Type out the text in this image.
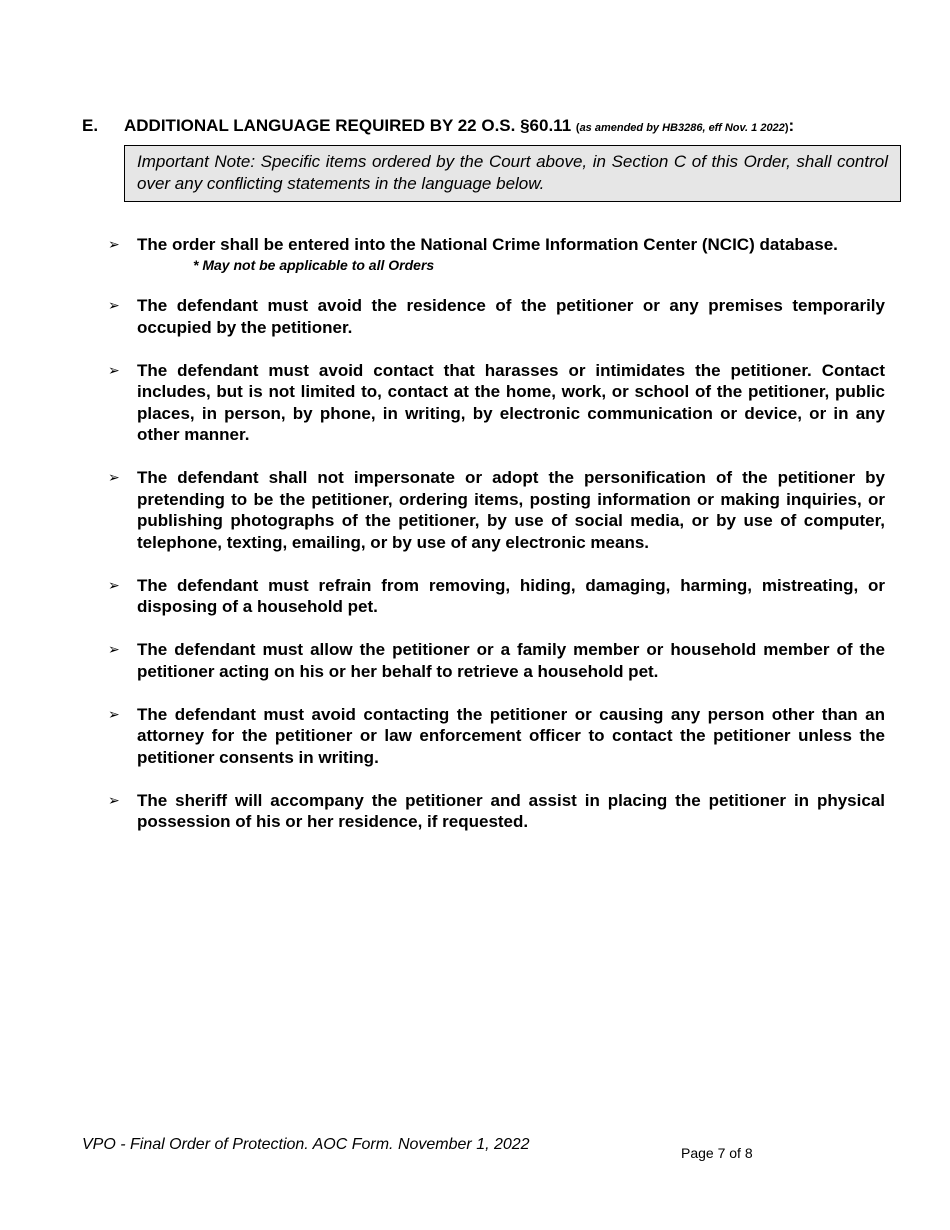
E. ADDITIONAL LANGUAGE REQUIRED BY 22 O.S. §60.11 (as amended by HB3286, eff Nov. 1 2022):
Important Note: Specific items ordered by the Court above, in Section C of this Order, shall control over any conflicting statements in the language below.
➢ The order shall be entered into the National Crime Information Center (NCIC) database.
* May not be applicable to all Orders
➢ The defendant must avoid the residence of the petitioner or any premises temporarily occupied by the petitioner.
➢ The defendant must avoid contact that harasses or intimidates the petitioner. Contact includes, but is not limited to, contact at the home, work, or school of the petitioner, public places, in person, by phone, in writing, by electronic communication or device, or in any other manner.
➢ The defendant shall not impersonate or adopt the personification of the petitioner by pretending to be the petitioner, ordering items, posting information or making inquiries, or publishing photographs of the petitioner, by use of social media, or by use of computer, telephone, texting, emailing, or by use of any electronic means.
➢ The defendant must refrain from removing, hiding, damaging, harming, mistreating, or disposing of a household pet.
➢ The defendant must allow the petitioner or a family member or household member of the petitioner acting on his or her behalf to retrieve a household pet.
➢ The defendant must avoid contacting the petitioner or causing any person other than an attorney for the petitioner or law enforcement officer to contact the petitioner unless the petitioner consents in writing.
➢ The sheriff will accompany the petitioner and assist in placing the petitioner in physical possession of his or her residence, if requested.
VPO - Final Order of Protection. AOC Form. November 1, 2022	Page 7 of 8
